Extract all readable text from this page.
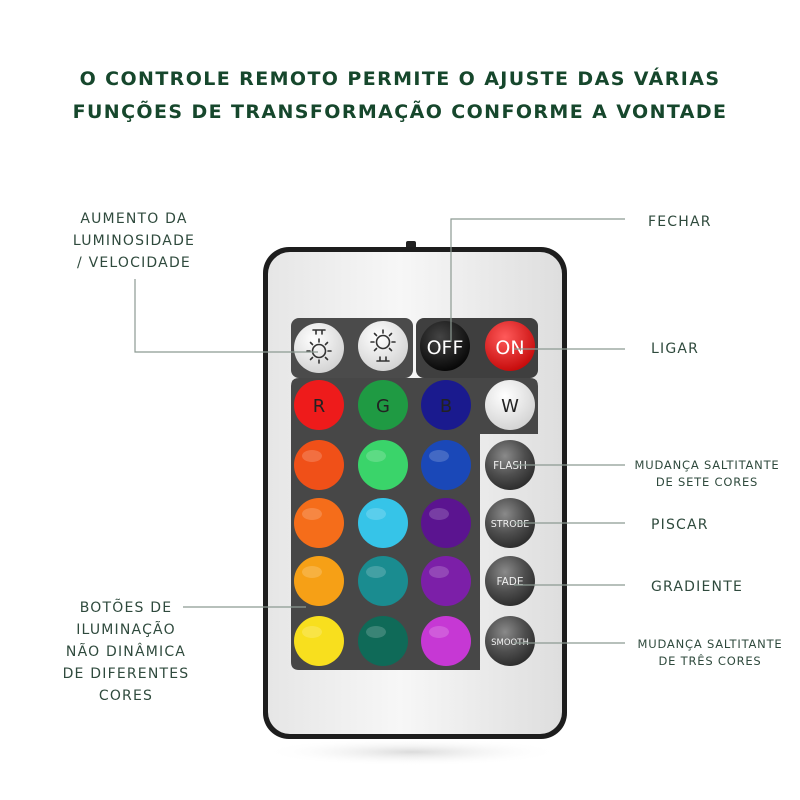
O CONTROLE REMOTO PERMITE O AJUSTE DAS VÁRIAS
FUNÇÕES DE TRANSFORMAÇÃO CONFORME A VONTADE
OFF ON
R	G	B	W
FLASH
STROBE
FADE
SMOOTH
AUMENTO DA
LUMINOSIDADE
/ VELOCIDADE
FECHAR
LIGAR
MUDANÇA SALTITANTE
DE SETE CORES
PISCAR
GRADIENTE
MUDANÇA SALTITANTE
DE TRÊS CORES
BOTÕES DE
ILUMINAÇÃO
NÃO DINÂMICA
DE DIFERENTES
CORES
